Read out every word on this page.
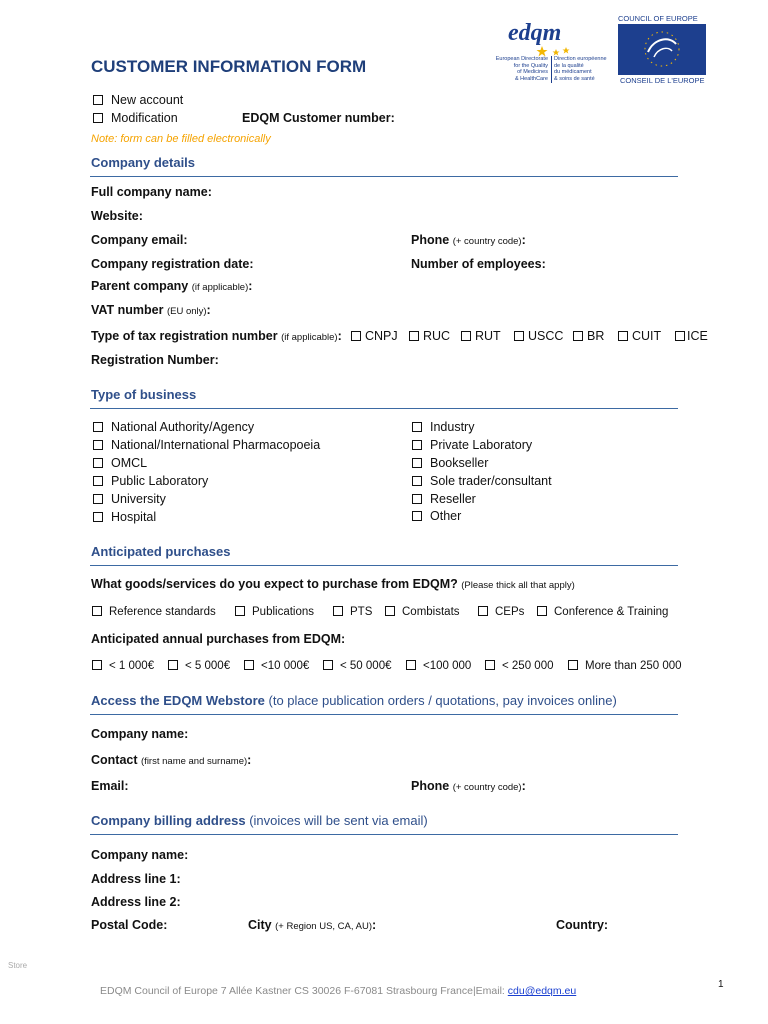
edqm
European Directorate
for the Quality
of Medicines
& HealthCare
Direction européenne
de la qualité
du médicament
& soins de santé
COUNCIL OF EUROPE
CONSEIL DE L'EUROPE
CUSTOMER INFORMATION FORM
New account
Modification	EDQM Customer number:
Note: form can be filled electronically
Company details
Full company name:
Website:
Company email:	Phone (+ country code):
Company registration date:	Number of employees:
Parent company (if applicable):
VAT number (EU only):
Type of tax registration number (if applicable):	CNPJ	RUC	RUT	USCC	BR	CUIT	ICE
Registration Number:
Type of business
National Authority/Agency
National/International Pharmacopoeia
OMCL
Public Laboratory
University
Hospital
Industry
Private Laboratory
Bookseller
Sole trader/consultant
Reseller
Other
Anticipated purchases
What goods/services do you expect to purchase from EDQM? (Please thick all that apply)
Reference standards	Publications	PTS	Combistats	CEPs	Conference & Training
Anticipated annual purchases from EDQM:
< 1 000€	< 5 000€	<10 000€	< 50 000€	<100 000	< 250 000	More than 250 000
Access the EDQM Webstore (to place publication orders / quotations, pay invoices online)
Company name:
Contact (first name and surname):
Email:	Phone (+ country code):
Company billing address (invoices will be sent via email)
Company name:
Address line 1:
Address line 2:
Postal Code:	City (+ Region US, CA, AU):	Country:
Store
EDQM Council of Europe 7 Allée Kastner CS 30026 F-67081 Strasbourg France|Email: cdu@edqm.eu
1
